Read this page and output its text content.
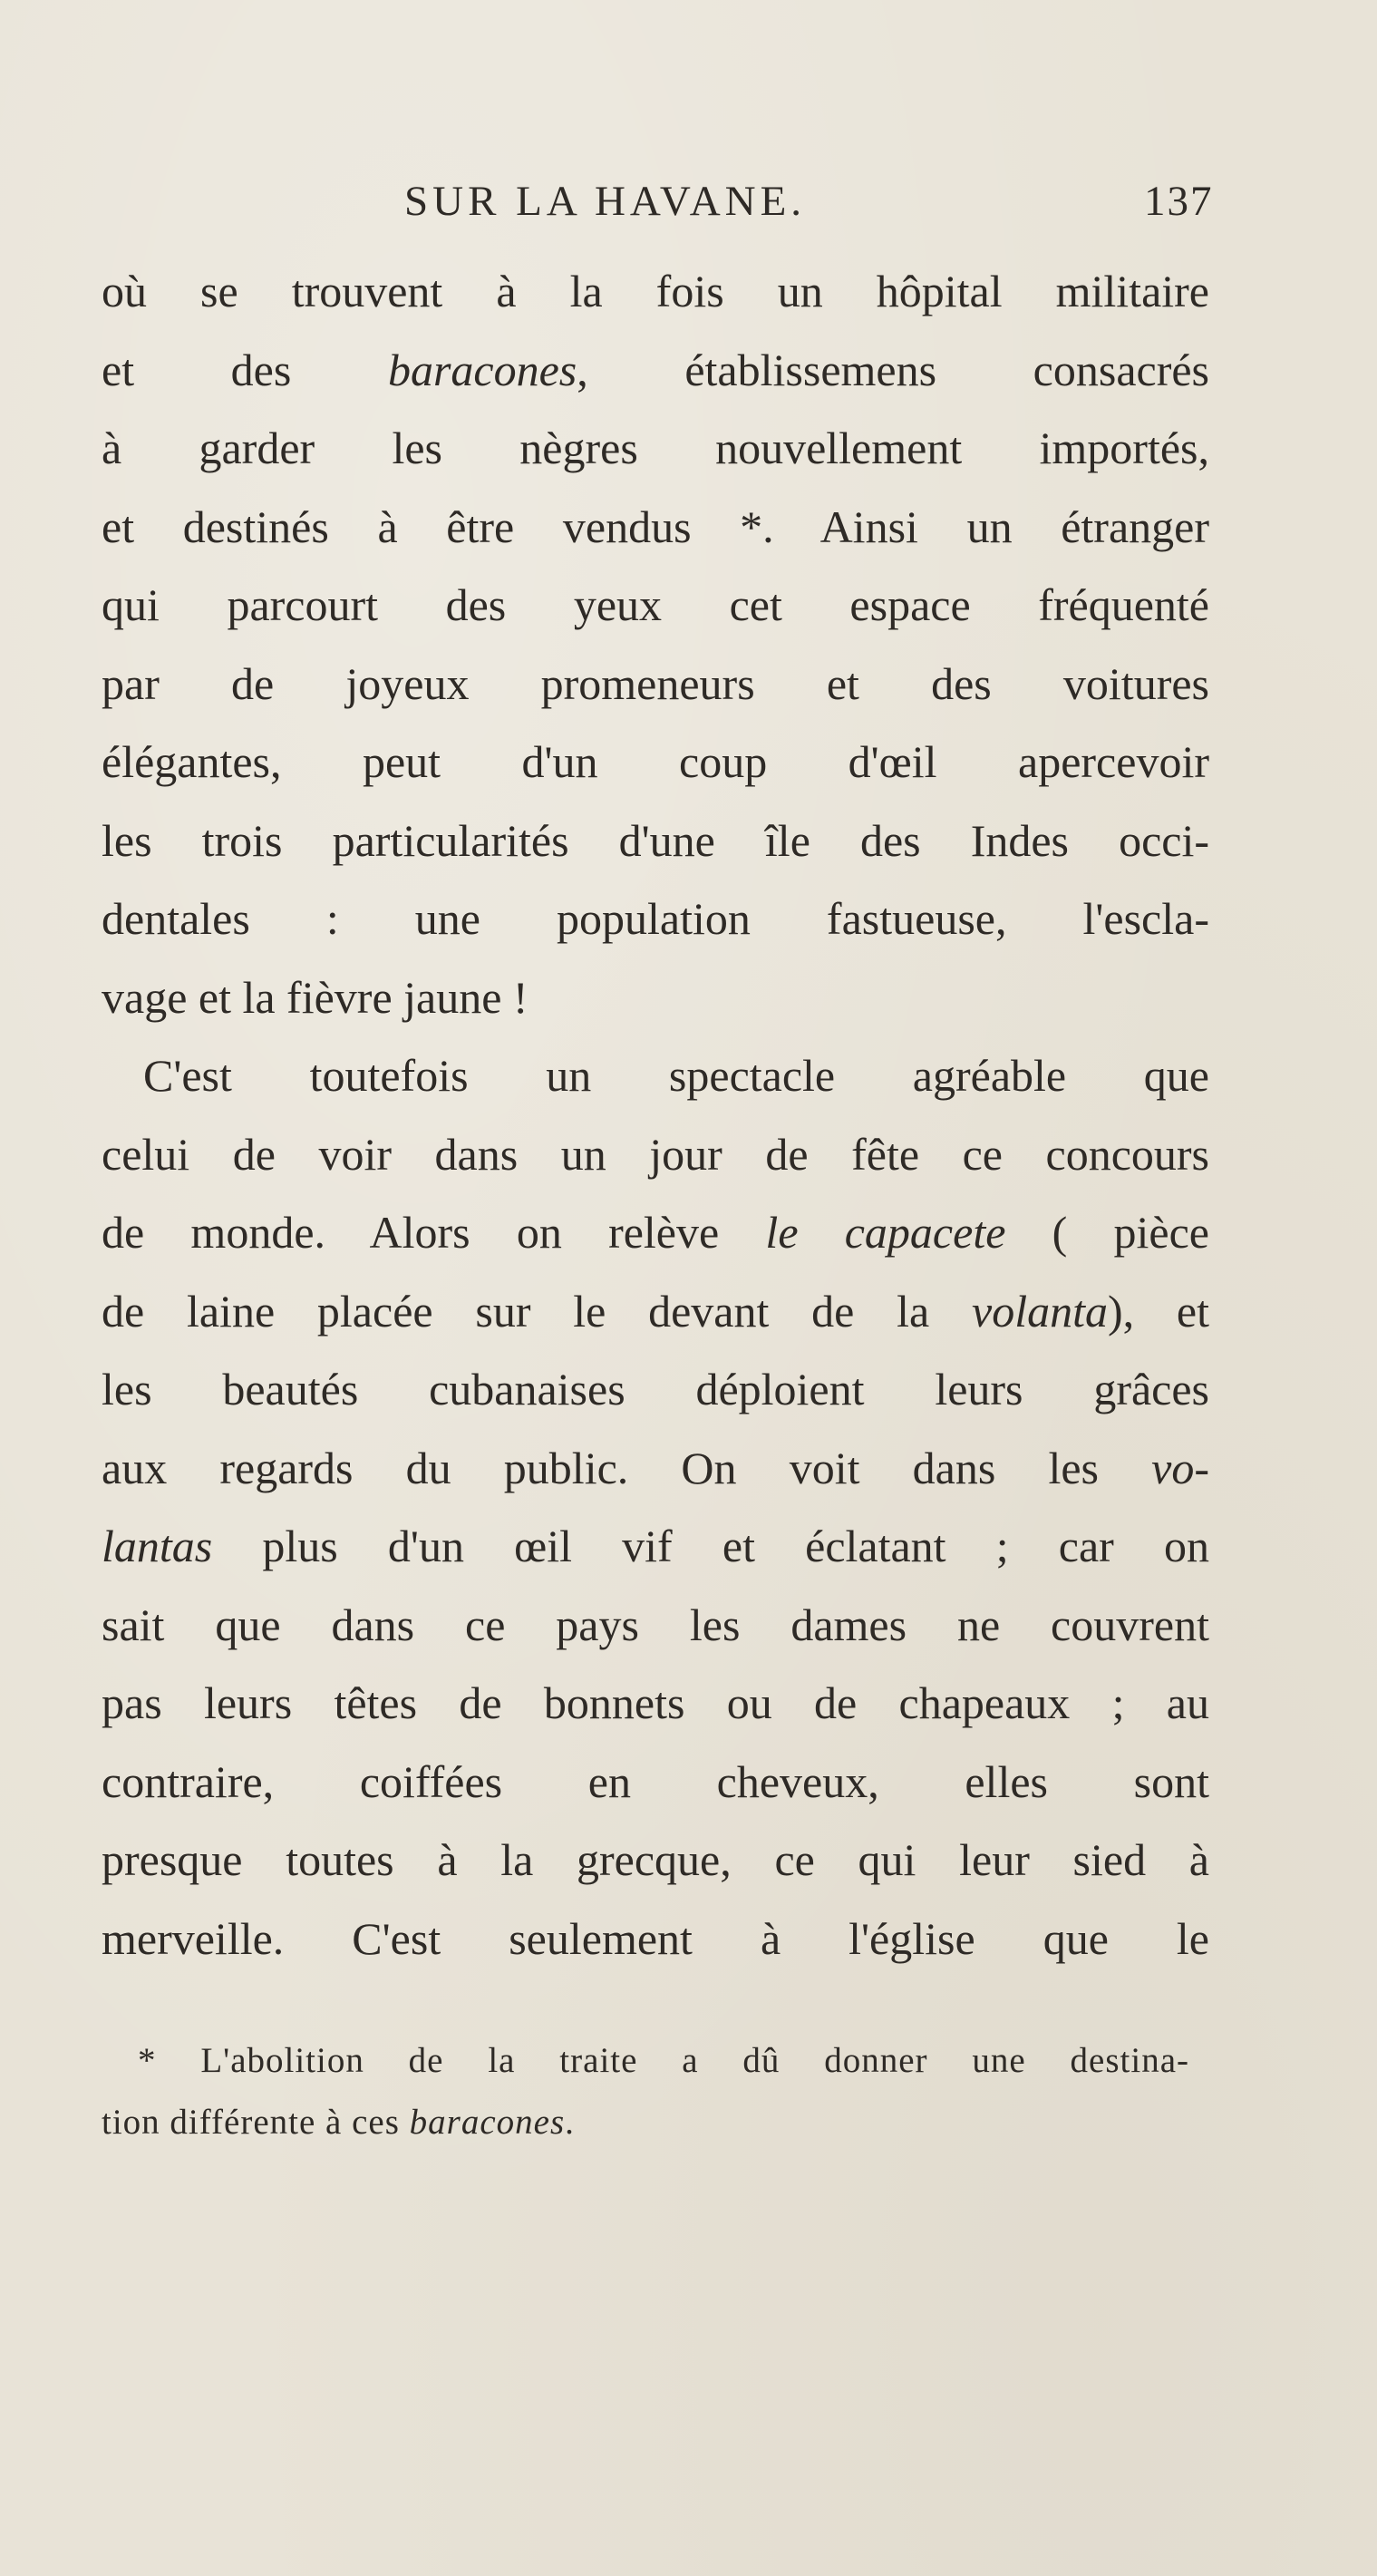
SUR LA HAVANE.	137
où se trouvent à la fois un hôpital militaire
et des baracones, établissemens consacrés
à garder les nègres nouvellement importés,
et destinés à être vendus *. Ainsi un étranger
qui parcourt des yeux cet espace fréquenté
par de joyeux promeneurs et des voitures
élégantes, peut d'un coup d'œil apercevoir
les trois particularités d'une île des Indes occi-
dentales : une population fastueuse, l'escla-
vage et la fièvre jaune !
C'est toutefois un spectacle agréable que
celui de voir dans un jour de fête ce concours
de monde. Alors on relève le capacete ( pièce
de laine placée sur le devant de la volanta), et
les beautés cubanaises déploient leurs grâces
aux regards du public. On voit dans les vo-
lantas plus d'un œil vif et éclatant ; car on
sait que dans ce pays les dames ne couvrent
pas leurs têtes de bonnets ou de chapeaux ; au
contraire, coiffées en cheveux, elles sont
presque toutes à la grecque, ce qui leur sied à
merveille. C'est seulement à l'église que le
* L'abolition de la traite a dû donner une destina-
tion différente à ces baracones.
